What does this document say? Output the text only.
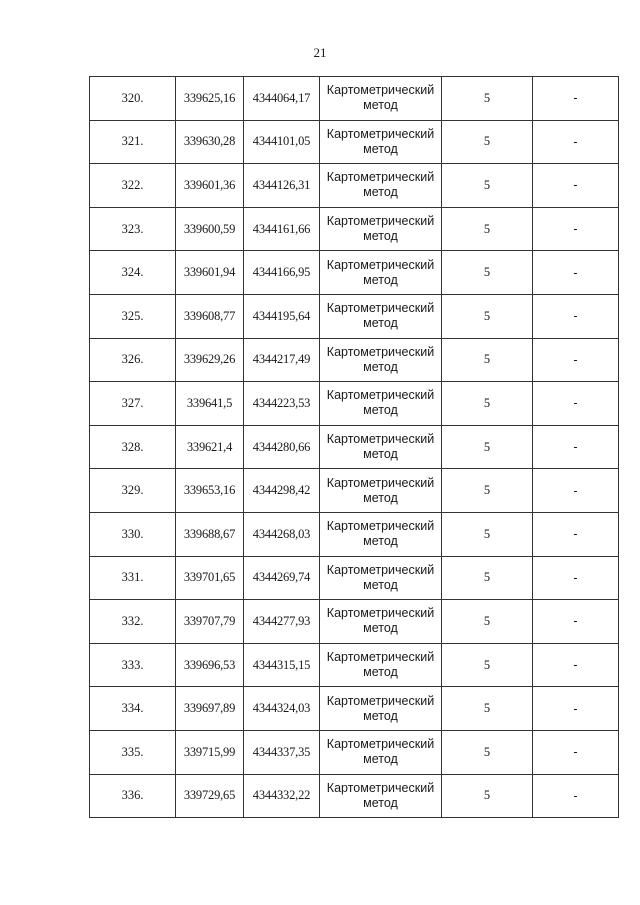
21
320.	339625,16	4344064,17	Картометрический
метод	5	-
321.	339630,28	4344101,05	Картометрический
метод	5	-
322.	339601,36	4344126,31	Картометрический
метод	5	-
323.	339600,59	4344161,66	Картометрический
метод	5	-
324.	339601,94	4344166,95	Картометрический
метод	5	-
325.	339608,77	4344195,64	Картометрический
метод	5	-
326.	339629,26	4344217,49	Картометрический
метод	5	-
327.	339641,5	4344223,53	Картометрический
метод	5	-
328.	339621,4	4344280,66	Картометрический
метод	5	-
329.	339653,16	4344298,42	Картометрический
метод	5	-
330.	339688,67	4344268,03	Картометрический
метод	5	-
331.	339701,65	4344269,74	Картометрический
метод	5	-
332.	339707,79	4344277,93	Картометрический
метод	5	-
333.	339696,53	4344315,15	Картометрический
метод	5	-
334.	339697,89	4344324,03	Картометрический
метод	5	-
335.	339715,99	4344337,35	Картометрический
метод	5	-
336.	339729,65	4344332,22	Картометрический
метод	5	-
